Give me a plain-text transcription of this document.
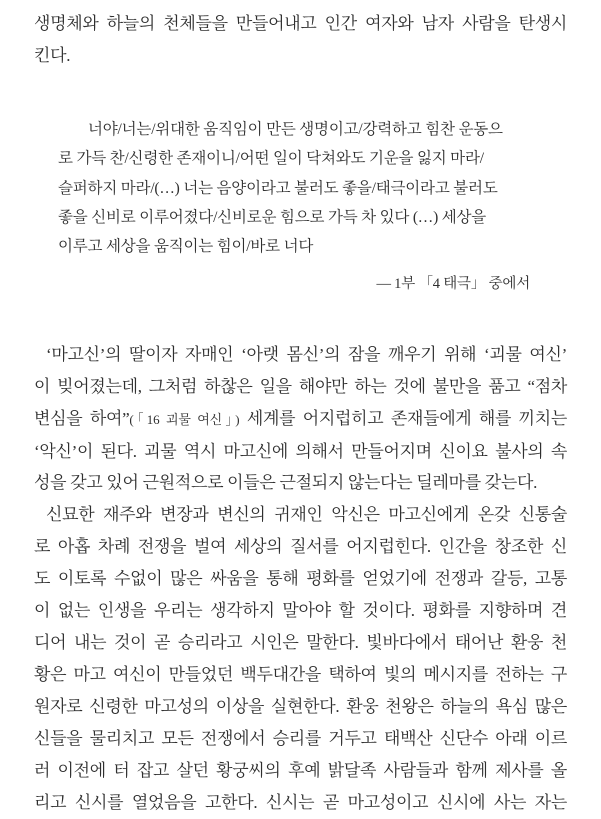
생명체와 하늘의 천체들을 만들어내고 인간 여자와 남자 사람을 탄생시
킨다.
너야/너는/위대한 움직임이 만든 생명이고/강력하고 힘찬 운동으
로 가득 찬/신령한 존재이니/어떤 일이 닥쳐와도 기운을 잃지 마라/
슬퍼하지 마라/(…) 너는 음양이라고 불러도 좋을/태극이라고 불러도
좋을 신비로 이루어졌다/신비로운 힘으로 가득 차 있다 (…) 세상을
이루고 세상을 움직이는 힘이/바로 너다
— 1부 「4 태극」 중에서
‘마고신’의 딸이자 자매인 ‘아랫 몸신’의 잠을 깨우기 위해 ‘괴물 여신’
이 빚어졌는데, 그처럼 하찮은 일을 해야만 하는 것에 불만을 품고 “점차
변심을 하여”(「16 괴물 여신」) 세계를 어지럽히고 존재들에게 해를 끼치는
‘악신’이 된다. 괴물 역시 마고신에 의해서 만들어지며 신이요 불사의 속
성을 갖고 있어 근원적으로 이들은 근절되지 않는다는 딜레마를 갖는다.
신묘한 재주와 변장과 변신의 귀재인 악신은 마고신에게 온갖 신통술
로 아홉 차례 전쟁을 벌여 세상의 질서를 어지럽힌다. 인간을 창조한 신
도 이토록 수없이 많은 싸움을 통해 평화를 얻었기에 전쟁과 갈등, 고통
이 없는 인생을 우리는 생각하지 말아야 할 것이다. 평화를 지향하며 견
디어 내는 것이 곧 승리라고 시인은 말한다. 빛바다에서 태어난 환웅 천
황은 마고 여신이 만들었던 백두대간을 택하여 빛의 메시지를 전하는 구
원자로 신령한 마고성의 이상을 실현한다. 환웅 천왕은 하늘의 욕심 많은
신들을 물리치고 모든 전쟁에서 승리를 거두고 태백산 신단수 아래 이르
러 이전에 터 잡고 살던 황궁씨의 후예 밝달족 사람들과 함께 제사를 올
리고 신시를 열었음을 고한다. 신시는 곧 마고성이고 신시에 사는 자는
